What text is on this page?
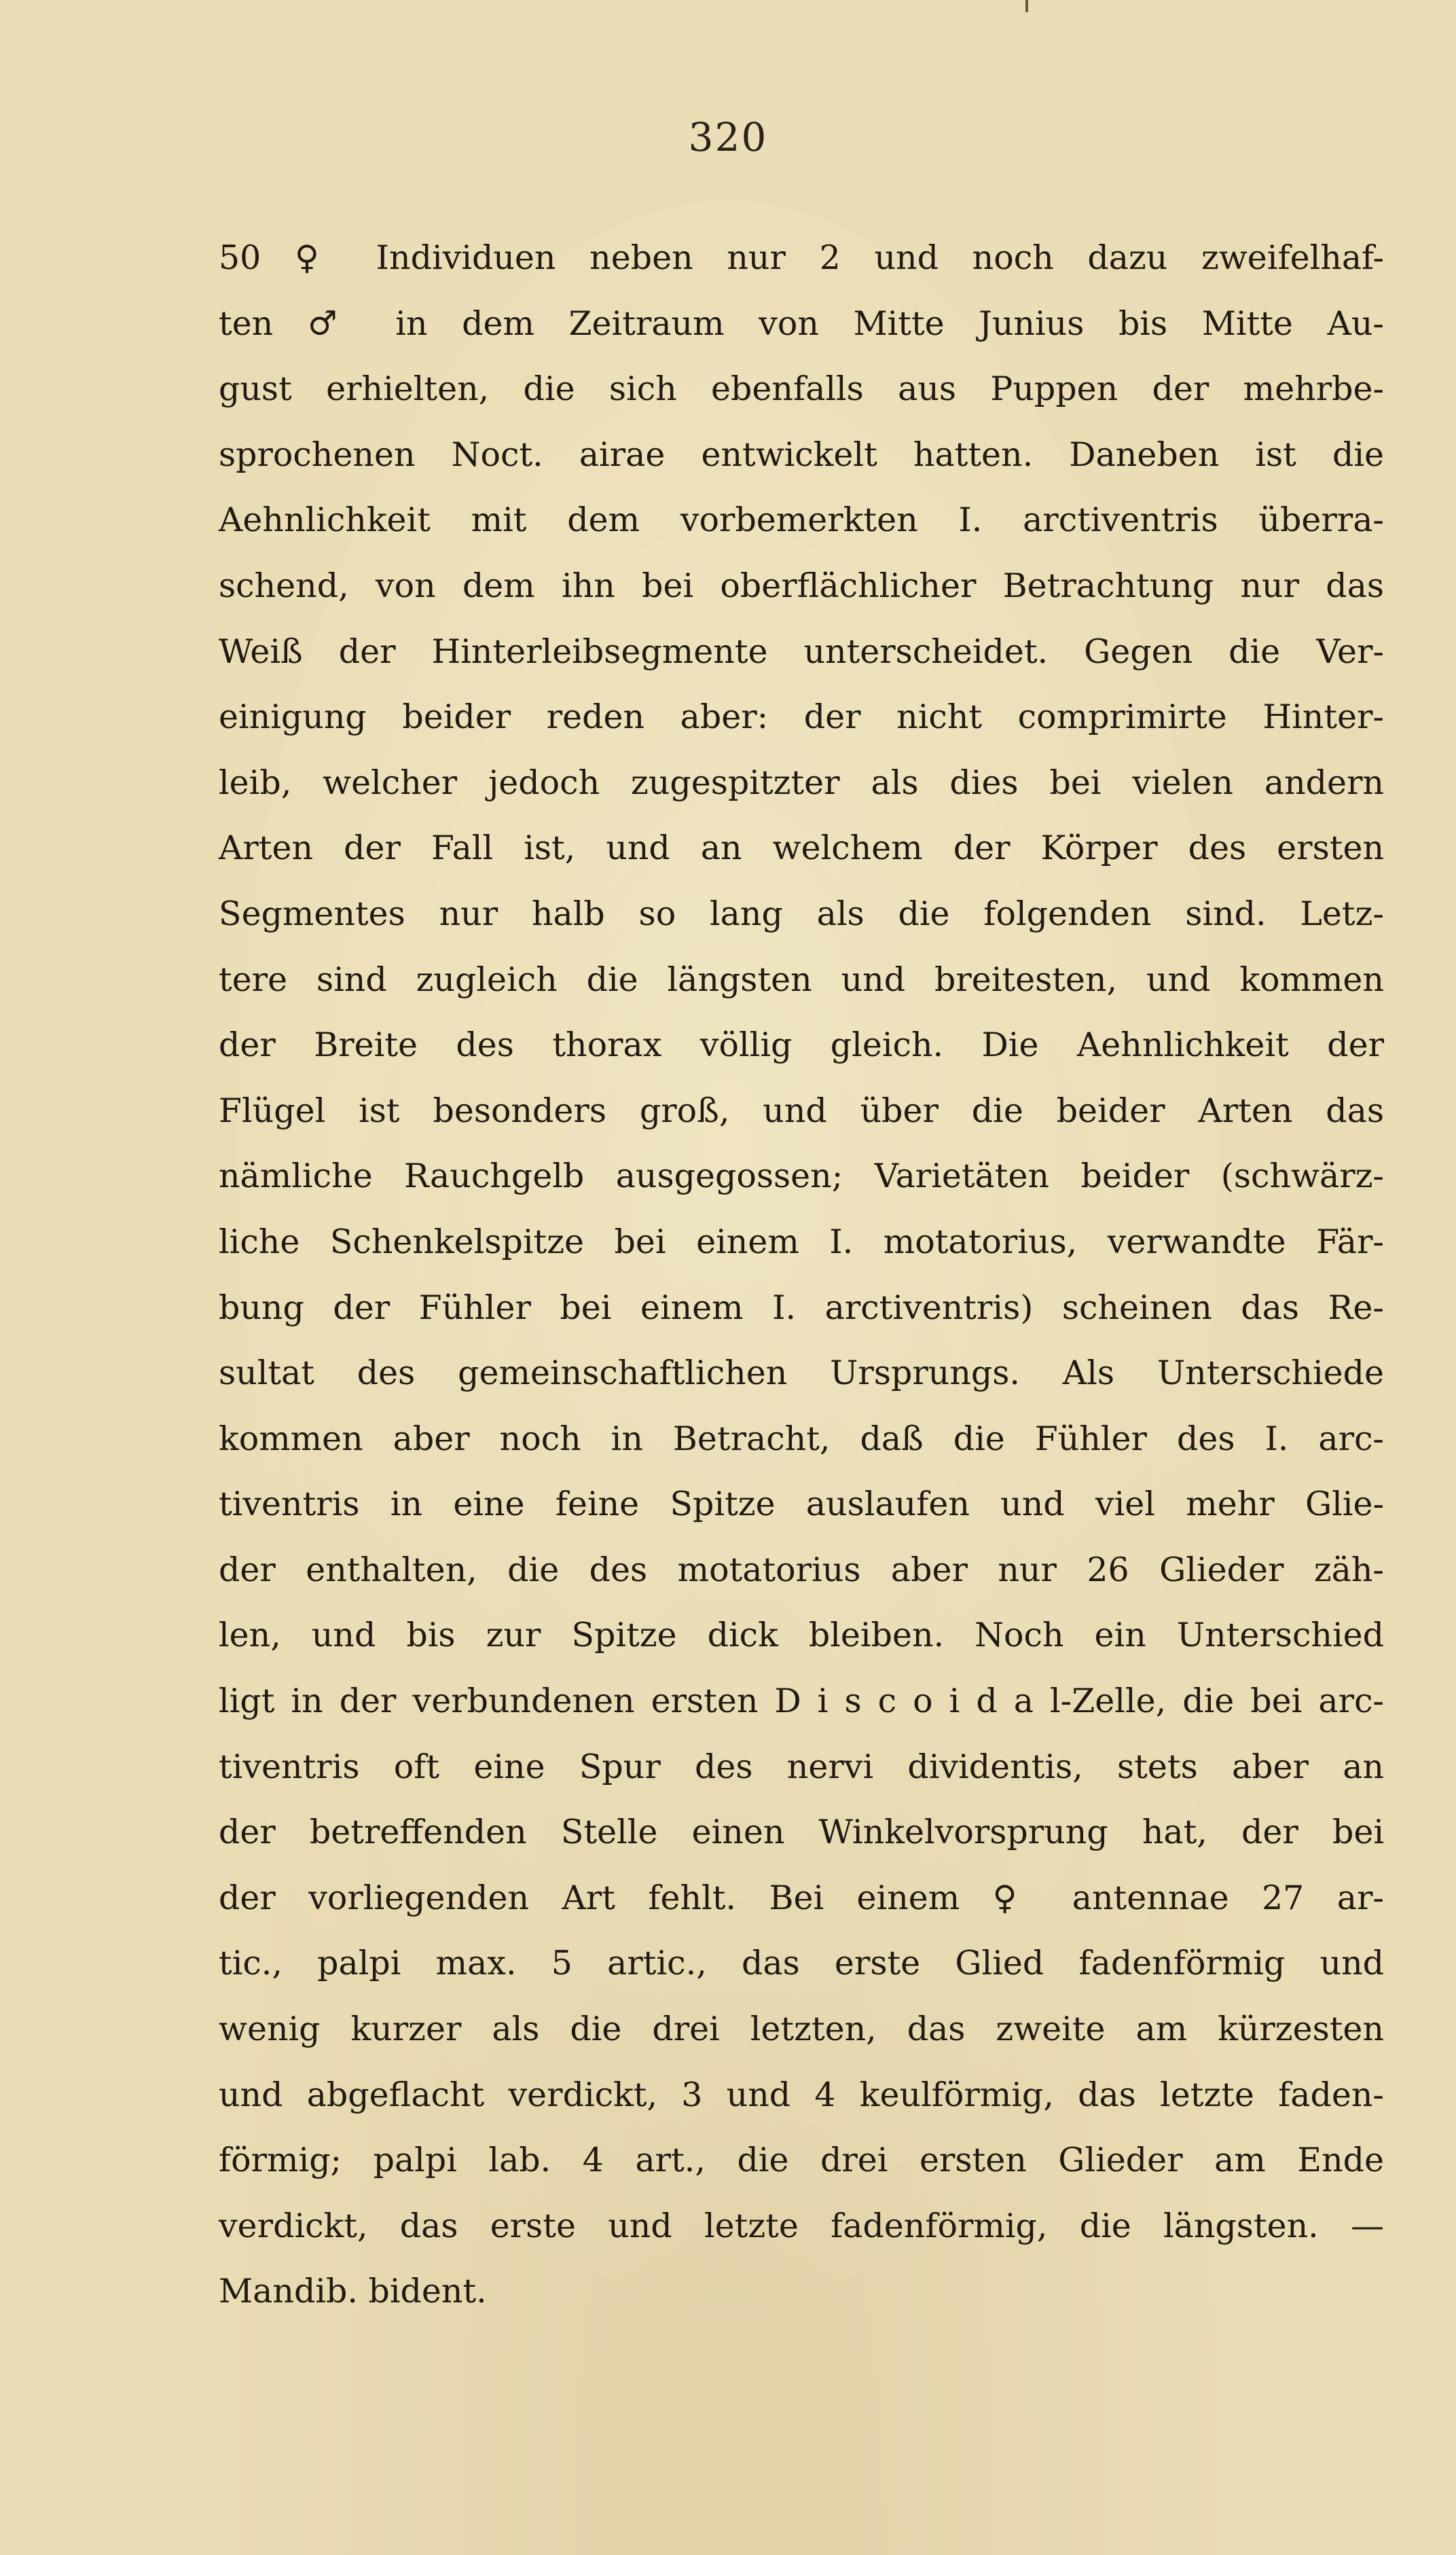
320
50 ♀ Individuen neben nur 2 und noch dazu zweifelhaf-
ten ♂ in dem Zeitraum von Mitte Junius bis Mitte Au-
gust erhielten, die sich ebenfalls aus Puppen der mehrbe-
sprochenen Noct. airae entwickelt hatten. Daneben ist die
Aehnlichkeit mit dem vorbemerkten I. arctiventris überra-
schend, von dem ihn bei oberflächlicher Betrachtung nur das
Weiß der Hinterleibsegmente unterscheidet. Gegen die Ver-
einigung beider reden aber: der nicht comprimirte Hinter-
leib, welcher jedoch zugespitzter als dies bei vielen andern
Arten der Fall ist, und an welchem der Körper des ersten
Segmentes nur halb so lang als die folgenden sind. Letz-
tere sind zugleich die längsten und breitesten, und kommen
der Breite des thorax völlig gleich. Die Aehnlichkeit der
Flügel ist besonders groß, und über die beider Arten das
nämliche Rauchgelb ausgegossen; Varietäten beider (schwärz-
liche Schenkelspitze bei einem I. motatorius, verwandte Fär-
bung der Fühler bei einem I. arctiventris) scheinen das Re-
sultat des gemeinschaftlichen Ursprungs. Als Unterschiede
kommen aber noch in Betracht, daß die Fühler des I. arc-
tiventris in eine feine Spitze auslaufen und viel mehr Glie-
der enthalten, die des motatorius aber nur 26 Glieder zäh-
len, und bis zur Spitze dick bleiben. Noch ein Unterschied
ligt in der verbundenen ersten D i s c o i d a l-Zelle, die bei arc-
tiventris oft eine Spur des nervi dividentis, stets aber an
der betreffenden Stelle einen Winkelvorsprung hat, der bei
der vorliegenden Art fehlt. Bei einem ♀ antennae 27 ar-
tic., palpi max. 5 artic., das erste Glied fadenförmig und
wenig kurzer als die drei letzten, das zweite am kürzesten
und abgeflacht verdickt, 3 und 4 keulförmig, das letzte faden-
förmig; palpi lab. 4 art., die drei ersten Glieder am Ende
verdickt, das erste und letzte fadenförmig, die längsten. —
Mandib. bident.
